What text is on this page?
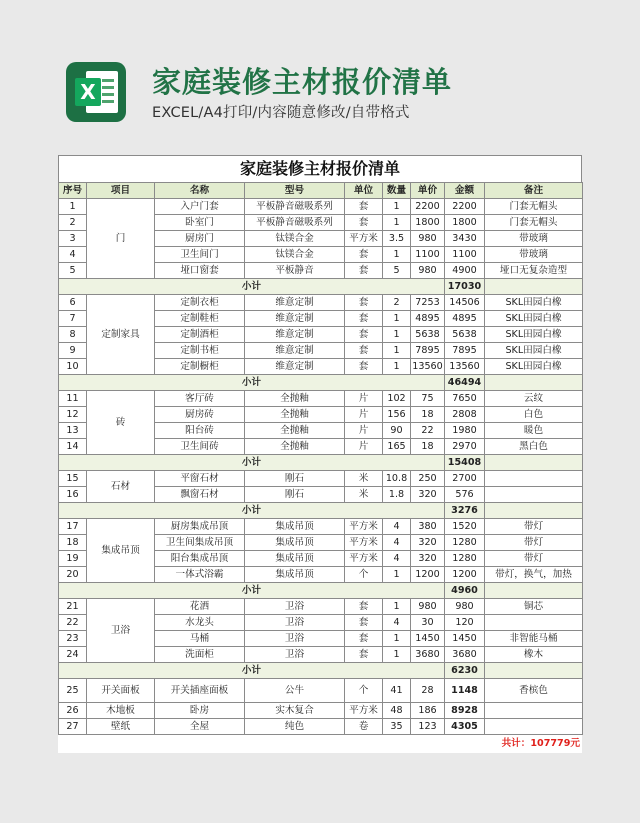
X 家庭装修主材报价清单
EXCEL/A4打印/内容随意修改/自带格式
家庭装修主材报价清单
序号	项目	名称	型号	单位	数量	单价	金额	备注
1	门	入户门套	平板静音磁吸系列	套	1	2200	2200	门套无帽头
2		卧室门	平板静音磁吸系列	套	1	1800	1800	门套无帽头
3		厨房门	钛镁合金	平方米	3.5	980	3430	带玻璃
4		卫生间门	钛镁合金	套	1	1100	1100	带玻璃
5		垭口窗套	平板静音	套	5	980	4900	垭口无复杂造型
小计							17030	
6	定制家具	定制衣柜	维意定制	套	2	7253	14506	SKL田园白橡
7		定制鞋柜	维意定制	套	1	4895	4895	SKL田园白橡
8		定制酒柜	维意定制	套	1	5638	5638	SKL田园白橡
9		定制书柜	维意定制	套	1	7895	7895	SKL田园白橡
10		定制橱柜	维意定制	套	1	13560	13560	SKL田园白橡
小计							46494	
11	砖	客厅砖	全抛釉	片	102	75	7650	云纹
12		厨房砖	全抛釉	片	156	18	2808	白色
13		阳台砖	全抛釉	片	90	22	1980	暖色
14		卫生间砖	全抛釉	片	165	18	2970	黑白色
小计							15408	
15	石材	平窗石材	刚石	米	10.8	250	2700	
16		飘窗石材	刚石	米	1.8	320	576	
小计							3276	
17	集成吊顶	厨房集成吊顶	集成吊顶	平方米	4	380	1520	带灯
18		卫生间集成吊顶	集成吊顶	平方米	4	320	1280	带灯
19		阳台集成吊顶	集成吊顶	平方米	4	320	1280	带灯
20		一体式浴霸	集成吊顶	个	1	1200	1200	带灯，换气，加热
小计							4960	
21	卫浴	花洒	卫浴	套	1	980	980	铜芯
22		水龙头	卫浴	套	4	30	120	
23		马桶	卫浴	套	1	1450	1450	非智能马桶
24		洗面柜	卫浴	套	1	3680	3680	橡木
小计							6230	
25	开关面板	开关插座面板	公牛	个	41	28	1148	香槟色
26	木地板	卧房	实木复合	平方米	48	186	8928	
27	壁纸	全屋	纯色	卷	35	123	4305	
共计：107779元
